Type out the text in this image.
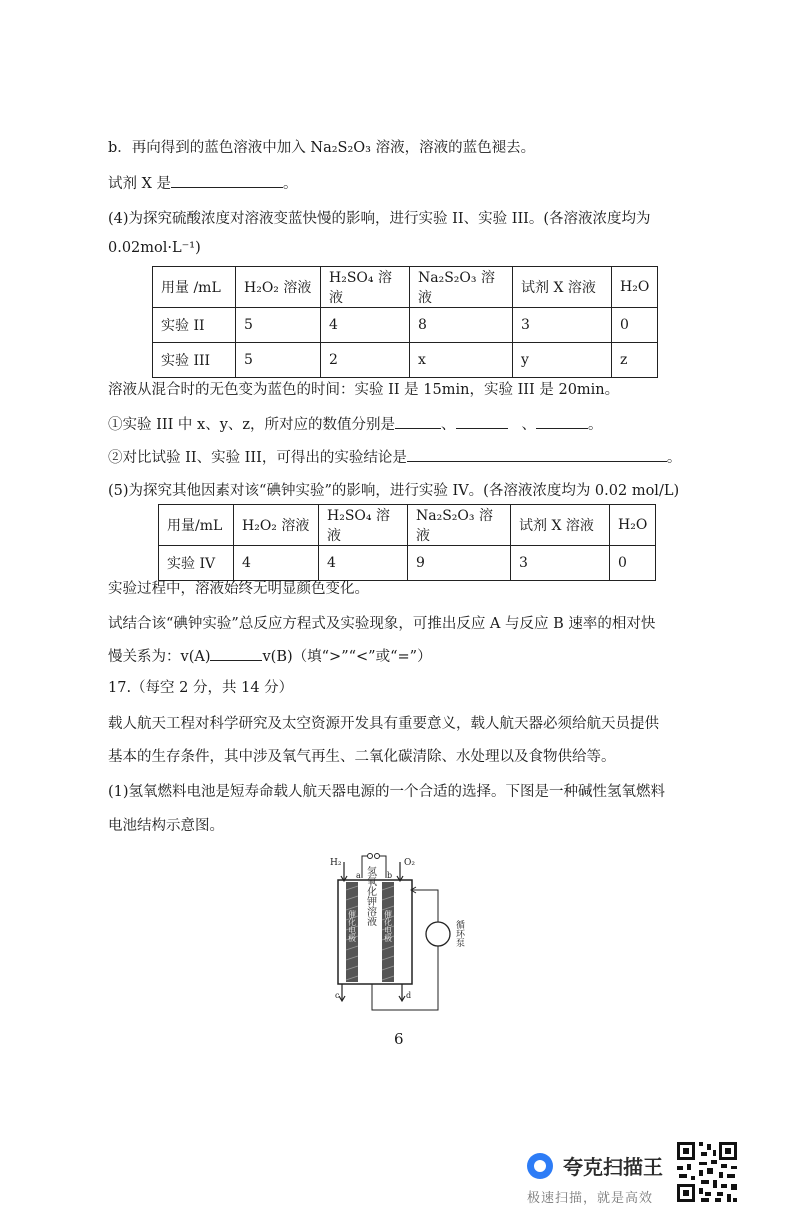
b．再向得到的蓝色溶液中加入 Na₂S₂O₃ 溶液，溶液的蓝色褪去。
试剂 X 是	。
(4)为探究硫酸浓度对溶液变蓝快慢的影响，进行实验 II、实验 III。(各溶液浓度均为
0.02mol·L⁻¹)
用量 /mL	H₂O₂ 溶液	H₂SO₄ 溶液	Na₂S₂O₃ 溶液	试剂 X 溶液	H₂O
实验 II	5	4	8	3	0
实验 III	5	2	x	y	z
溶液从混合时的无色变为蓝色的时间：实验 II 是 15min，实验 III 是 20min。
①实验 III 中 x、y、z，所对应的数值分别是	、	、	。
②对比试验 II、实验 III，可得出的实验结论是	。
(5)为探究其他因素对该“碘钟实验”的影响，进行实验 IV。(各溶液浓度均为 0.02 mol/L)
用量/mL	H₂O₂ 溶液	H₂SO₄ 溶液	Na₂S₂O₃ 溶液	试剂 X 溶液	H₂O
实验 IV	4	4	9	3	0
实验过程中，溶液始终无明显颜色变化。
试结合该“碘钟实验”总反应方程式及实验现象，可推出反应 A 与反应 B 速率的相对快
慢关系为：v(A)	v(B)（填“>”“<”或“=”）
17.（每空 2 分，共 14 分）
载人航天工程对科学研究及太空资源开发具有重要意义，载人航天器必须给航天员提供
基本的生存条件，其中涉及氧气再生、二氧化碳清除、水处理以及食物供给等。
(1)氢氧燃料电池是短寿命载人航天器电源的一个合适的选择。下图是一种碱性氢氧燃料
电池结构示意图。
氢氧化钾溶液
H₂	O₂
a	b
c	d
循环泵
催化电极	催化电极
6
夸克扫描王
极速扫描，就是高效
